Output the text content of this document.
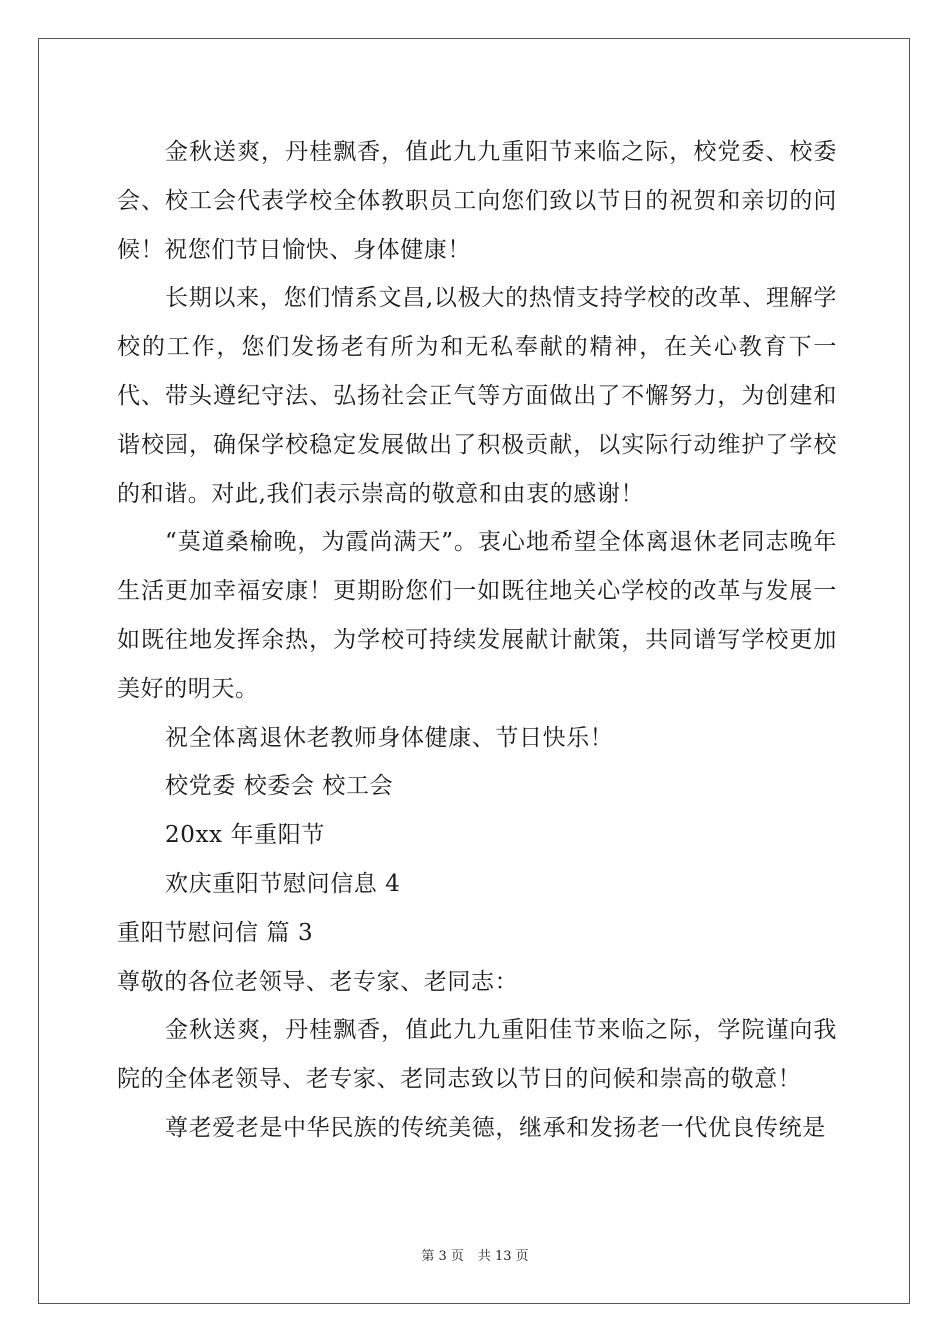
金秋送爽，丹桂飘香，值此九九重阳节来临之际，校党委、校委会、校工会代表学校全体教职员工向您们致以节日的祝贺和亲切的问候！祝您们节日愉快、身体健康！

长期以来，您们情系文昌,以极大的热情支持学校的改革、理解学校的工作，您们发扬老有所为和无私奉献的精神，在关心教育下一代、带头遵纪守法、弘扬社会正气等方面做出了不懈努力，为创建和谐校园，确保学校稳定发展做出了积极贡献，以实际行动维护了学校的和谐。对此,我们表示崇高的敬意和由衷的感谢！

“莫道桑榆晚，为霞尚满天”。衷心地希望全体离退休老同志晚年生活更加幸福安康！更期盼您们一如既往地关心学校的改革与发展一如既往地发挥余热，为学校可持续发展献计献策，共同谱写学校更加美好的明天。

祝全体离退休老教师身体健康、节日快乐！

校党委 校委会 校工会

20xx 年重阳节

欢庆重阳节慰问信息 4

重阳节慰问信 篇 3

尊敬的各位老领导、老专家、老同志：

金秋送爽，丹桂飘香，值此九九重阳佳节来临之际，学院谨向我院的全体老领导、老专家、老同志致以节日的问候和崇高的敬意！

尊老爱老是中华民族的传统美德，继承和发扬老一代优良传统是

第 3 页 共 13 页
